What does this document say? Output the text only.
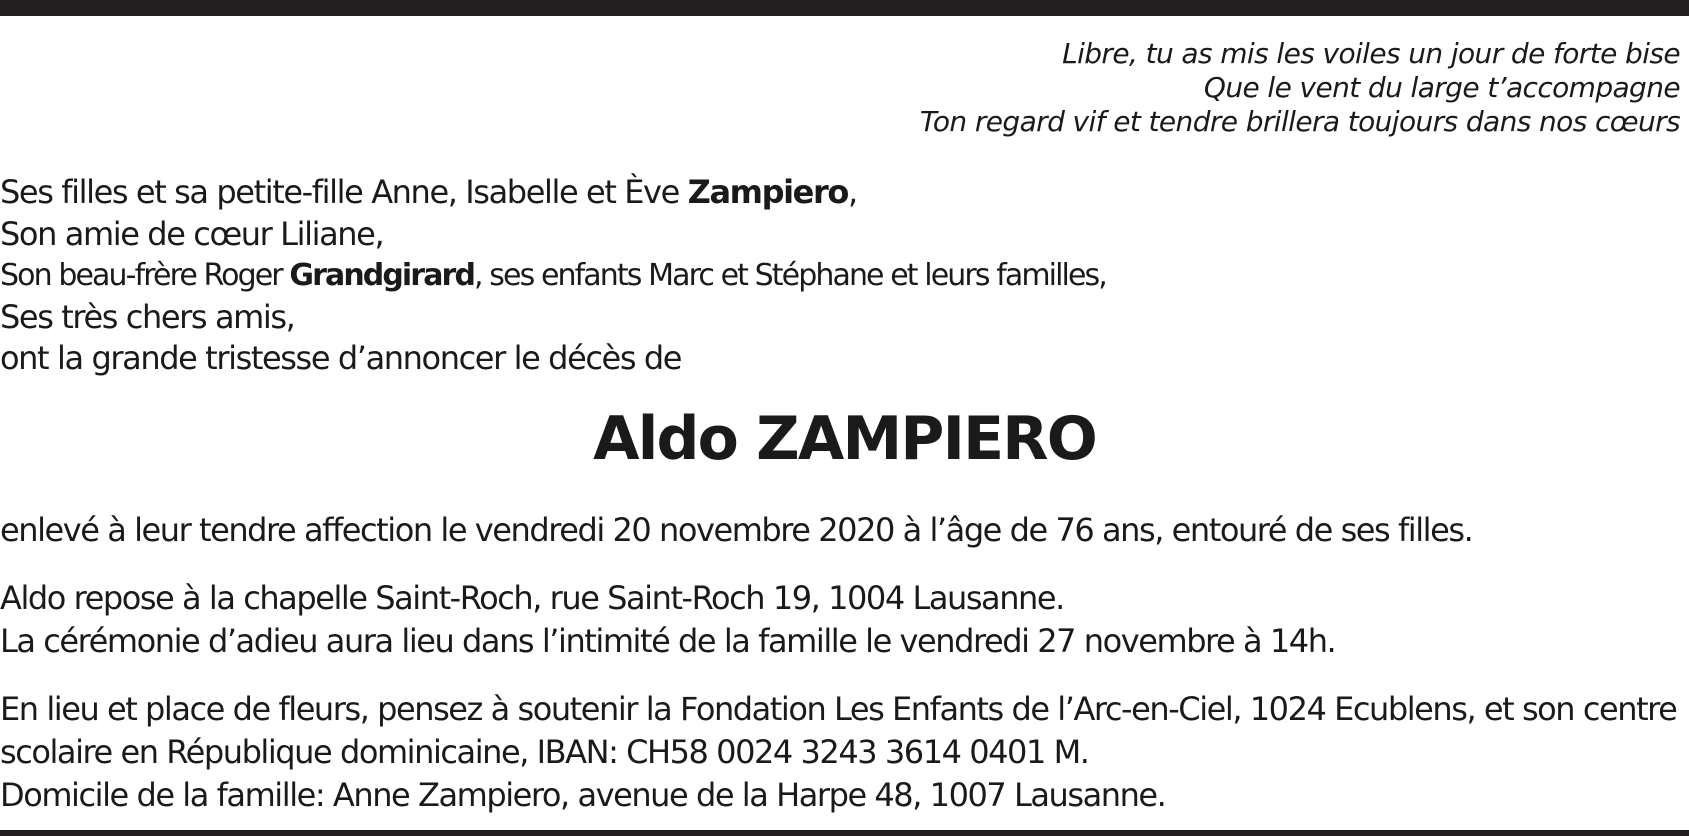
Libre, tu as mis les voiles un jour de forte bise
Que le vent du large t’accompagne
Ton regard vif et tendre brillera toujours dans nos cœurs
Ses filles et sa petite-fille Anne, Isabelle et Ève Zampiero,
Son amie de cœur Liliane,
Son beau-frère Roger Grandgirard, ses enfants Marc et Stéphane et leurs familles,
Ses très chers amis,
ont la grande tristesse d’annoncer le décès de
Aldo ZAMPIERO
enlevé à leur tendre affection le vendredi 20 novembre 2020 à l’âge de 76 ans, entouré de ses filles.
Aldo repose à la chapelle Saint-Roch, rue Saint-Roch 19, 1004 Lausanne.
La cérémonie d’adieu aura lieu dans l’intimité de la famille le vendredi 27 novembre à 14h.
En lieu et place de fleurs, pensez à soutenir la Fondation Les Enfants de l’Arc-en-Ciel, 1024 Ecublens, et son centre
scolaire en République dominicaine, IBAN: CH58 0024 3243 3614 0401 M.
Domicile de la famille: Anne Zampiero, avenue de la Harpe 48, 1007 Lausanne.
